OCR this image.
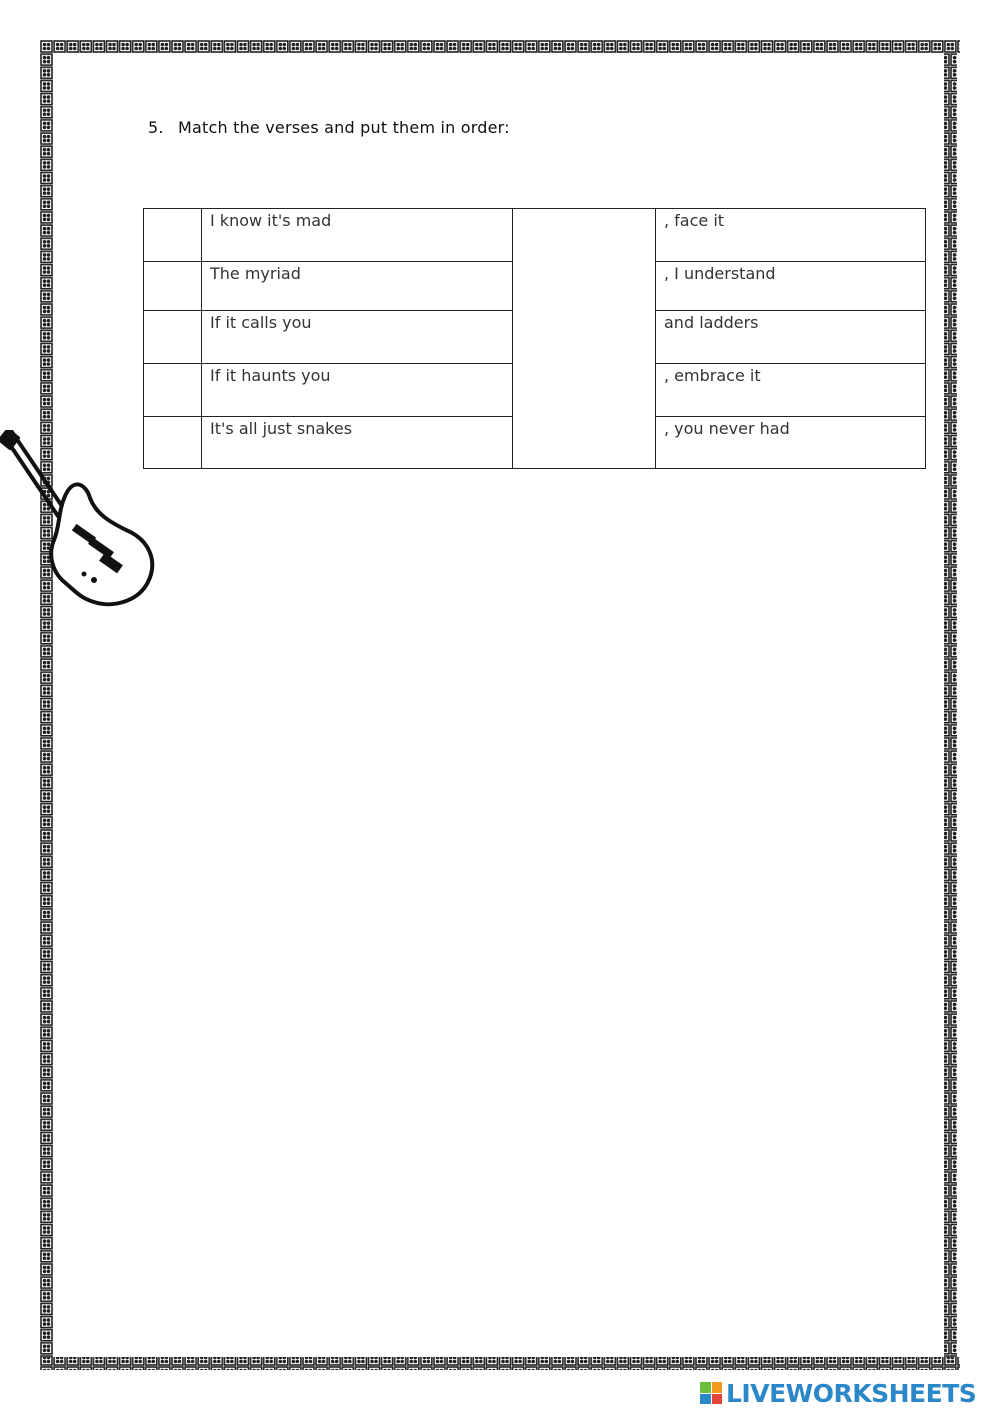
5. Match the verses and put them in order:
	I know it's mad		, face it
	The myriad		, I understand
	If it calls you		and ladders
	If it haunts you		, embrace it
	It's all just snakes		, you never had
LIVEWORKSHEETS
